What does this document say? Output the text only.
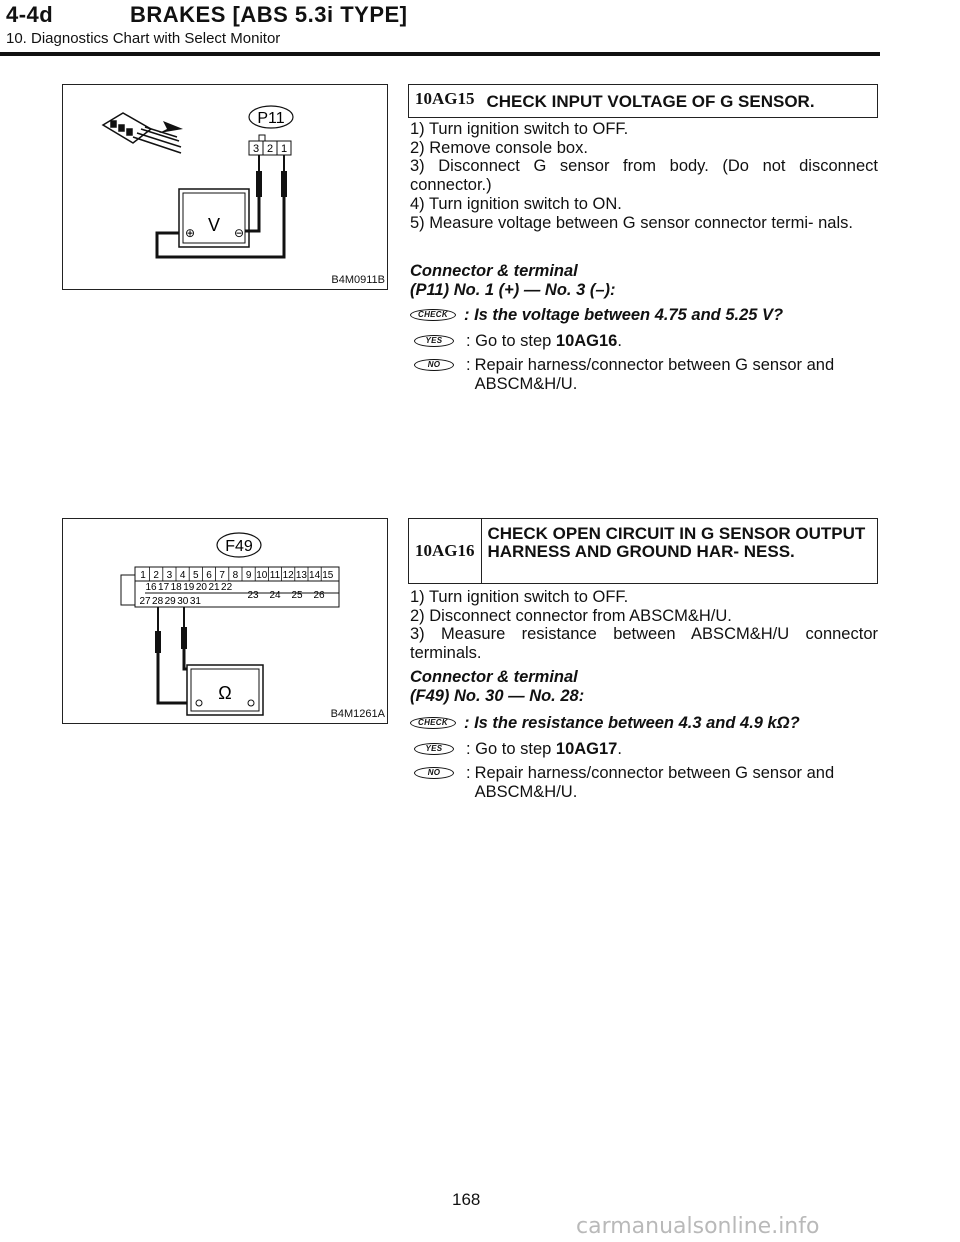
4-4d	BRAKES [ABS 5.3i TYPE]
10. Diagnostics Chart with Select Monitor
P11
3 2 1
V
⊕	⊖
B4M0911B
10AG15 CHECK INPUT VOLTAGE OF G SENSOR.

1) Turn ignition switch to OFF.

2) Remove console box.

3) Disconnect G sensor from body. (Do not disconnect connector.)

4) Turn ignition switch to ON.

5) Measure voltage between G sensor connector termi- nals.

Connector & terminal
(P11) No. 1 (+) — No. 3 (–):
CHECK : Is the voltage between 4.75 and 5.25 V?
YES	: Go to step 10AG16.
NO	: Repair harness/connector between G sensor and ABSCM&H/U.
F49
1 2 3 4 5 6 7 8 9 10 11 12 13 14 15
16 17 18 19 20 21 22
27 28 29 30 31
23 24 25 26
Ω
B4M1261A
10AG16
CHECK OPEN CIRCUIT IN G SENSOR OUTPUT HARNESS AND GROUND HAR- NESS.

1) Turn ignition switch to OFF.

2) Disconnect connector from ABSCM&H/U.

3) Measure resistance between ABSCM&H/U connector terminals.

Connector & terminal
(F49) No. 30 — No. 28:
CHECK : Is the resistance between 4.3 and 4.9 kΩ?
YES	: Go to step 10AG17.
NO	: Repair harness/connector between G sensor and ABSCM&H/U.
168
carmanualsonline.info
